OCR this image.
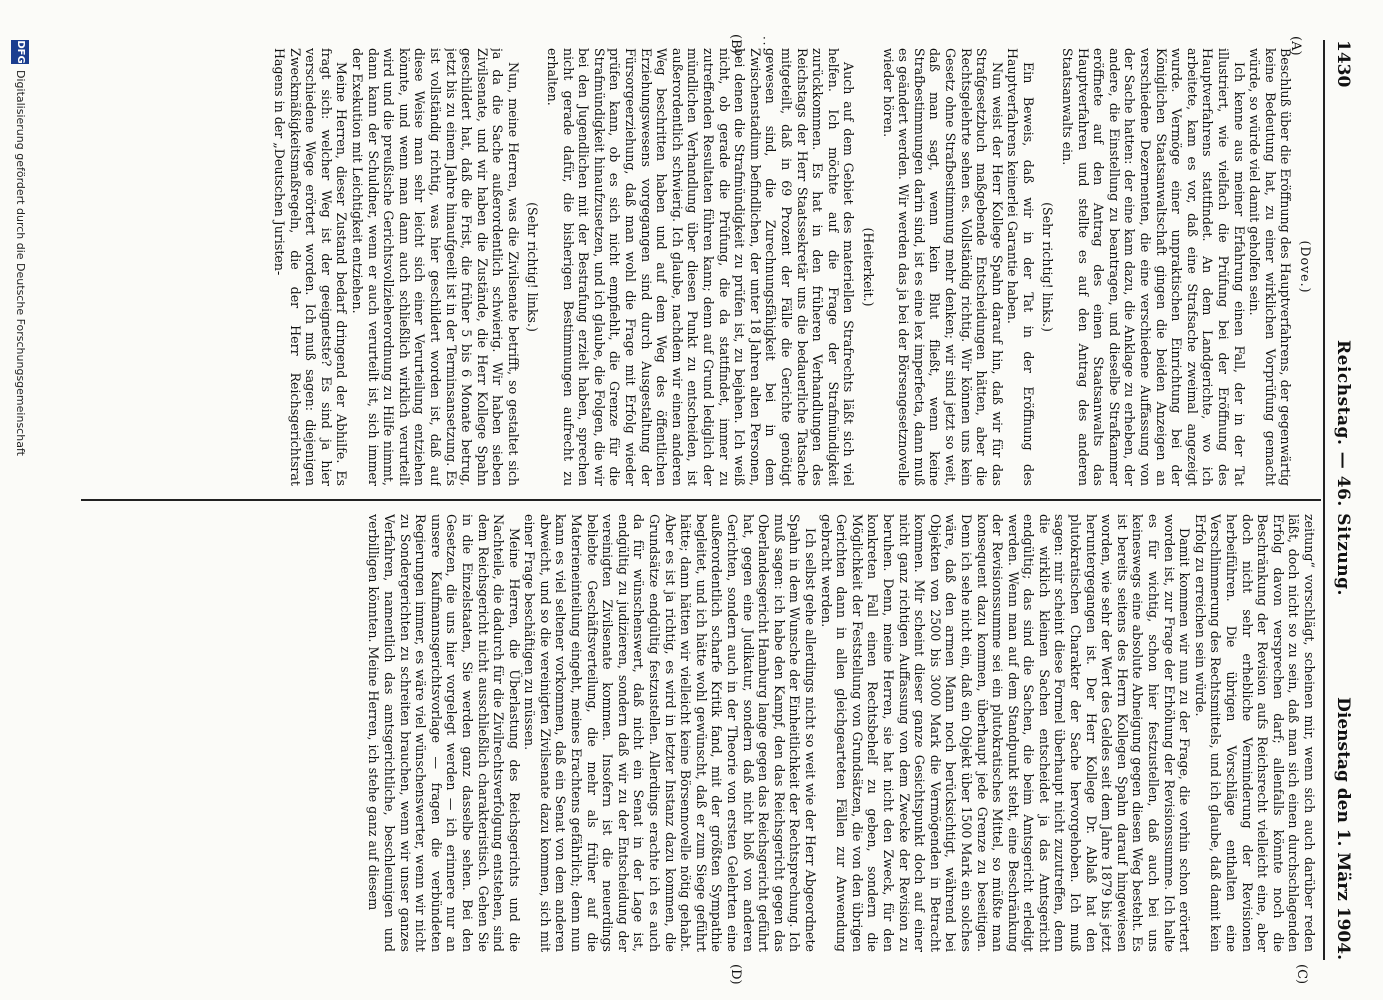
1430
Reichstag. — 46. Sitzung.
Dienstag den 1. März 1904.
(A)
· · ·
(B)
(C)
(D)

(Dove.)

Beschluß über die Eröffnung des Hauptverfahrens, der gegenwärtig keine Bedeutung hat, zu einer wirklichen Vorprüfung gemacht würde, so würde viel damit geholfen sein.

Ich kenne aus meiner Erfahrung einen Fall, der in der Tat illustriert, wie vielfach die Prüfung bei der Eröffnung des Hauptverfahrens stattfindet. An dem Landgerichte, wo ich arbeitete, kam es vor, daß eine Strafsache zweimal angezeigt wurde. Vermöge einer unpraktischen Einrichtung bei der Königlichen Staatsanwaltschaft gingen die beiden Anzeigen an verschiedene Dezernenten, die eine verschiedene Auffassung von der Sache hatten: der eine kam dazu, die Anklage zu erheben, der andere, die Einstellung zu beantragen, und dieselbe Strafkammer eröffnete auf den Antrag des einen Staatsanwalts das Hauptverfahren und stellte es auf den Antrag des anderen Staatsanwalts ein.

(Sehr richtig! links.)

Ein Beweis, daß wir in der Tat in der Eröffnung des Hauptverfahrens keinerlei Garantie haben.

Nun weist der Herr Kollege Spahn darauf hin, daß wir für das Strafgesetzbuch maßgebende Entscheidungen hätten, aber die Rechtsgelehrte sehen es. Vollständig richtig. Wir können uns kein Gesetz ohne Strafbestimmung mehr denken; wir sind jetzt so weit, daß man sagt, wenn kein Blut fließt, wenn keine Strafbestimmungen darin sind, ist es eine lex imperfecta, dann muß es geändert werden. Wir werden das ja bei der Börsengesetznovelle wieder hören.

(Heiterkeit.)

Auch auf dem Gebiet des materiellen Strafrechts läßt sich viel helfen. Ich möchte auf die Frage der Strafmündigkeit zurückkommen. Es hat in den früheren Verhandlungen des Reichstags der Herr Staatssekretär uns die bedauerliche Tatsache mitgeteilt, daß in 69 Prozent der Fälle die Gerichte genötigt gewesen sind, die Zurechnungsfähigkeit bei in dem Zwischenstadium befindlichen, der unter 18 Jahren alten Personen, bei denen die Strafmündigkeit zu prüfen ist, zu bejahen. Ich weiß nicht, ob gerade die Prüfung, die da stattfindet, immer zu zutreffenden Resultaten führen kann; denn auf Grund lediglich der mündlichen Verhandlung über diesen Punkt zu entscheiden, ist außerordentlich schwierig. Ich glaube, nachdem wir einen anderen Weg beschritten haben und auf dem Weg des öffentlichen Erziehungswesens vorgegangen sind durch Ausgestaltung der Fürsorgeerziehung, daß man wohl die Frage mit Erfolg wieder prüfen kann, ob es sich nicht empfiehlt, die Grenze für die Strafmündigkeit hinaufzusetzen, und ich glaube, die Folgen, die wir bei den Jugendlichen mit der Bestrafung erzielt haben, sprechen nicht gerade dafür, die bisherigen Bestimmungen aufrecht zu erhalten.

(Sehr richtig! links.)

Nun, meine Herren, was die Zivilsenate betrifft, so gestaltet sich ja da die Sache außerordentlich schwierig. Wir haben sieben Zivilsenate, und wir haben die Zustände, die Herr Kollege Spahn geschildert hat, daß die Frist, die früher 5 bis 6 Monate betrug, jetzt bis zu einem Jahre hinaufgeeilt ist in der Terminsansetzung. Es ist vollständig richtig, was hier geschildert worden ist, daß auf diese Weise man sehr leicht sich einer Verurteilung entziehen könnte, und wenn man dann auch schließlich wirklich verurteilt wird und die preußische Gerichtsvollzieherordnung zu Hilfe nimmt, dann kann der Schuldner, wenn er auch verurteilt ist, sich immer der Exekution mit Leichtigkeit entziehen.

Meine Herren, dieser Zustand bedarf dringend der Abhilfe. Es fragt sich: welcher Weg ist der geeignetste? Es sind ja hier verschiedene Wege erörtert worden. Ich muß sagen: diejenigen Zweckmäßigkeitsmaßregeln, die der Herr Reichsgerichtsrat Hagens in der „Deutschen Juristen-

zeitung“ vorschlägt, scheinen mir, wenn sich auch darüber reden läßt, doch nicht so zu sein, daß man sich einen durchschlagenden Erfolg davon versprechen darf; allenfalls könnte noch die Beschränkung der Revision aufs Reichsrecht vielleicht eine, aber doch nicht sehr erhebliche Verminderung der Revisionen herbeiführen. Die übrigen Vorschläge enthalten eine Verschlimmerung des Rechtsmittels, und ich glaube, daß damit kein Erfolg zu erreichen sein würde.

Damit kommen wir nun zu der Frage, die vorhin schon erörtert worden ist, zur Frage der Erhöhung der Revisionssumme. Ich halte es für wichtig, schon hier festzustellen, daß auch bei uns keineswegs eine absolute Abneigung gegen diesen Weg besteht. Es ist bereits seitens des Herrn Kollegen Spahn darauf hingewiesen worden, wie sehr der Wert des Geldes seit dem Jahre 1879 bis jetzt heruntergegangen ist. Der Herr Kollege Dr. Ablaß hat den plutokratischen Charakter der Sache hervorgehoben. Ich muß sagen: mir scheint diese Formel überhaupt nicht zuzutreffen, denn die wirklich kleinen Sachen entscheidet ja das Amtsgericht endgültig; das sind die Sachen, die beim Amtsgericht erledigt werden. Wenn man auf dem Standpunkt steht, eine Beschränkung der Revisionssumme sei ein plutokratisches Mittel, so müßte man konsequent dazu kommen, überhaupt jede Grenze zu beseitigen. Denn ich sehe nicht ein, daß ein Objekt über 1500 Mark ein solches wäre, daß den armen Mann noch berücksichtigt, während bei Objekten von 2500 bis 3000 Mark die Vermögenden in Betracht kommen. Mir scheint dieser ganze Gesichtspunkt doch auf einer nicht ganz richtigen Auffassung von dem Zwecke der Revision zu beruhen. Denn, meine Herren, sie hat nicht den Zweck, für den konkreten Fall einen Rechtsbehelf zu geben, sondern die Möglichkeit der Feststellung von Grundsätzen, die von den übrigen Gerichten dann in allen gleichgearteten Fällen zur Anwendung gebracht werden.

Ich selbst gehe allerdings nicht so weit wie der Herr Abgeordnete Spahn in dem Wunsche der Einheitlichkeit der Rechtsprechung. Ich muß sagen: ich habe den Kampf, den das Reichsgericht gegen das Oberlandesgericht Hamburg lange gegen das Reichsgericht geführt hat, gegen eine Judikatur, sondern daß nicht bloß von anderen Gerichten, sondern auch in der Theorie von ersten Gelehrten eine außerordentlich scharfe Kritik fand, mit der größten Sympathie begleitet, und ich hätte wohl gewünscht, daß er zum Siege geführt hätte; dann hätten wir vielleicht keine Börsennovelle nötig gehabt. Aber es ist ja richtig, es wird in letzter Instanz dazu kommen, die Grundsätze endgültig festzustellen. Allerdings erachte ich es auch da für wünschenswert, daß nicht ein Senat in der Lage ist, endgültig zu judizieren, sondern daß wir zu der Entscheidung der vereinigten Zivilsenate kommen. Insofern ist die neuerdings beliebte Geschäftsverteilung, die mehr als früher auf die Materieneinteilung eingeht, meines Erachtens gefährlich; denn nun kann es viel seltener vorkommen, daß ein Senat von dem anderen abweicht, und so die vereinigten Zivilsenate dazu kommen, sich mit einer Frage beschäftigen zu müssen.

Meine Herren, die Überlastung des Reichsgerichts und die Nachteile, die dadurch für die Zivilrechtsverfolgung entstehen, sind dem Reichsgericht nicht ausschließlich charakteristisch. Gehen Sie in die Einzelstaaten, Sie werden ganz dasselbe sehen. Bei den Gesetzen, die uns hier vorgelegt werden — ich erinnere nur an unsere Kaufmannsgerichtsvorlage — fragen die verbündeten Regierungen immer, es wäre viel wünschenswerter, wenn wir nicht zu Sondergerichten zu schreiten brauchen, wenn wir unser ganzes Verfahren, namentlich das amtsgerichtliche, beschleunigen und verbilligen könnten. Meine Herren, ich stehe ganz auf diesem

DFG
Digitalisierung gefördert durch die Deutsche Forschungsgemeinschaft
